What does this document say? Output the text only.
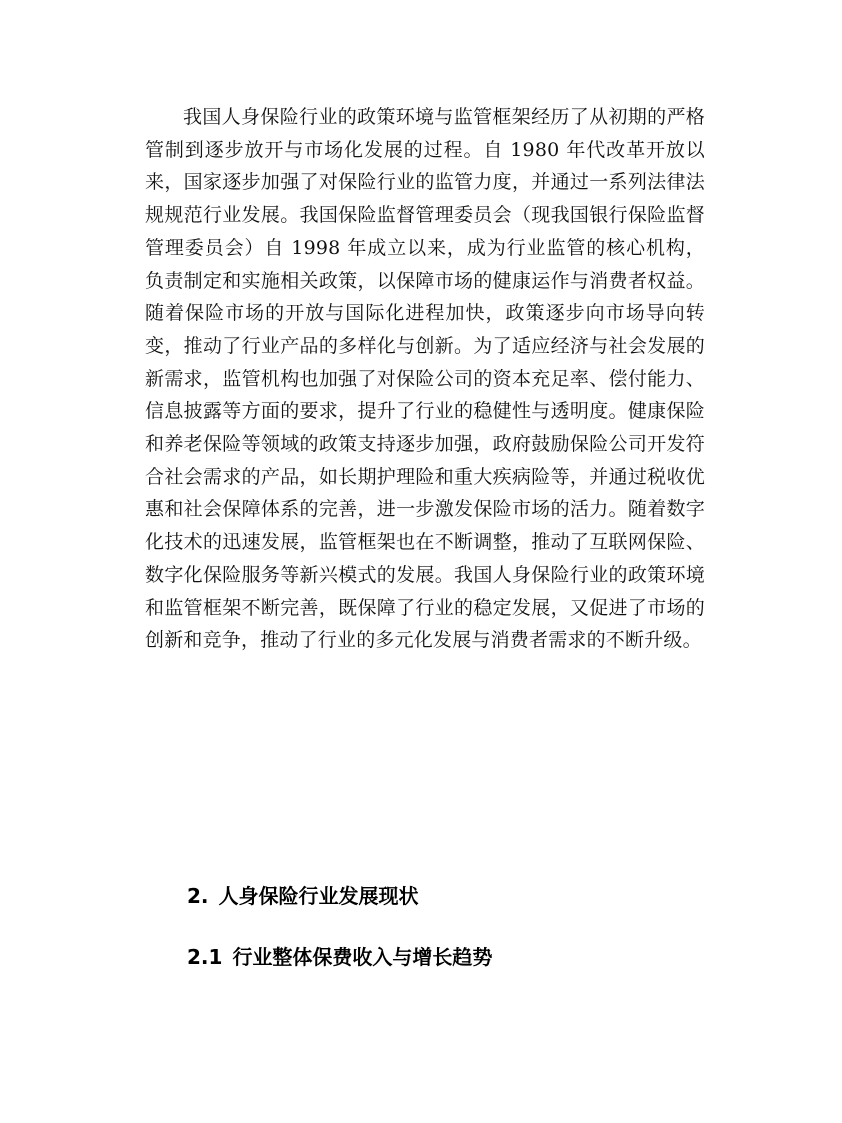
我国人身保险行业的政策环境与监管框架经历了从初期的严格管制到逐步放开与市场化发展的过程。自 1980 年代改革开放以来，国家逐步加强了对保险行业的监管力度，并通过一系列法律法规规范行业发展。我国保险监督管理委员会（现我国银行保险监督管理委员会）自 1998 年成立以来，成为行业监管的核心机构，负责制定和实施相关政策，以保障市场的健康运作与消费者权益。随着保险市场的开放与国际化进程加快，政策逐步向市场导向转变，推动了行业产品的多样化与创新。为了适应经济与社会发展的新需求，监管机构也加强了对保险公司的资本充足率、偿付能力、信息披露等方面的要求，提升了行业的稳健性与透明度。健康保险和养老保险等领域的政策支持逐步加强，政府鼓励保险公司开发符合社会需求的产品，如长期护理险和重大疾病险等，并通过税收优惠和社会保障体系的完善，进一步激发保险市场的活力。随着数字化技术的迅速发展，监管框架也在不断调整，推动了互联网保险、数字化保险服务等新兴模式的发展。我国人身保险行业的政策环境和监管框架不断完善，既保障了行业的稳定发展，又促进了市场的创新和竞争，推动了行业的多元化发展与消费者需求的不断升级。

2. 人身保险行业发展现状
2.1 行业整体保费收入与增长趋势
